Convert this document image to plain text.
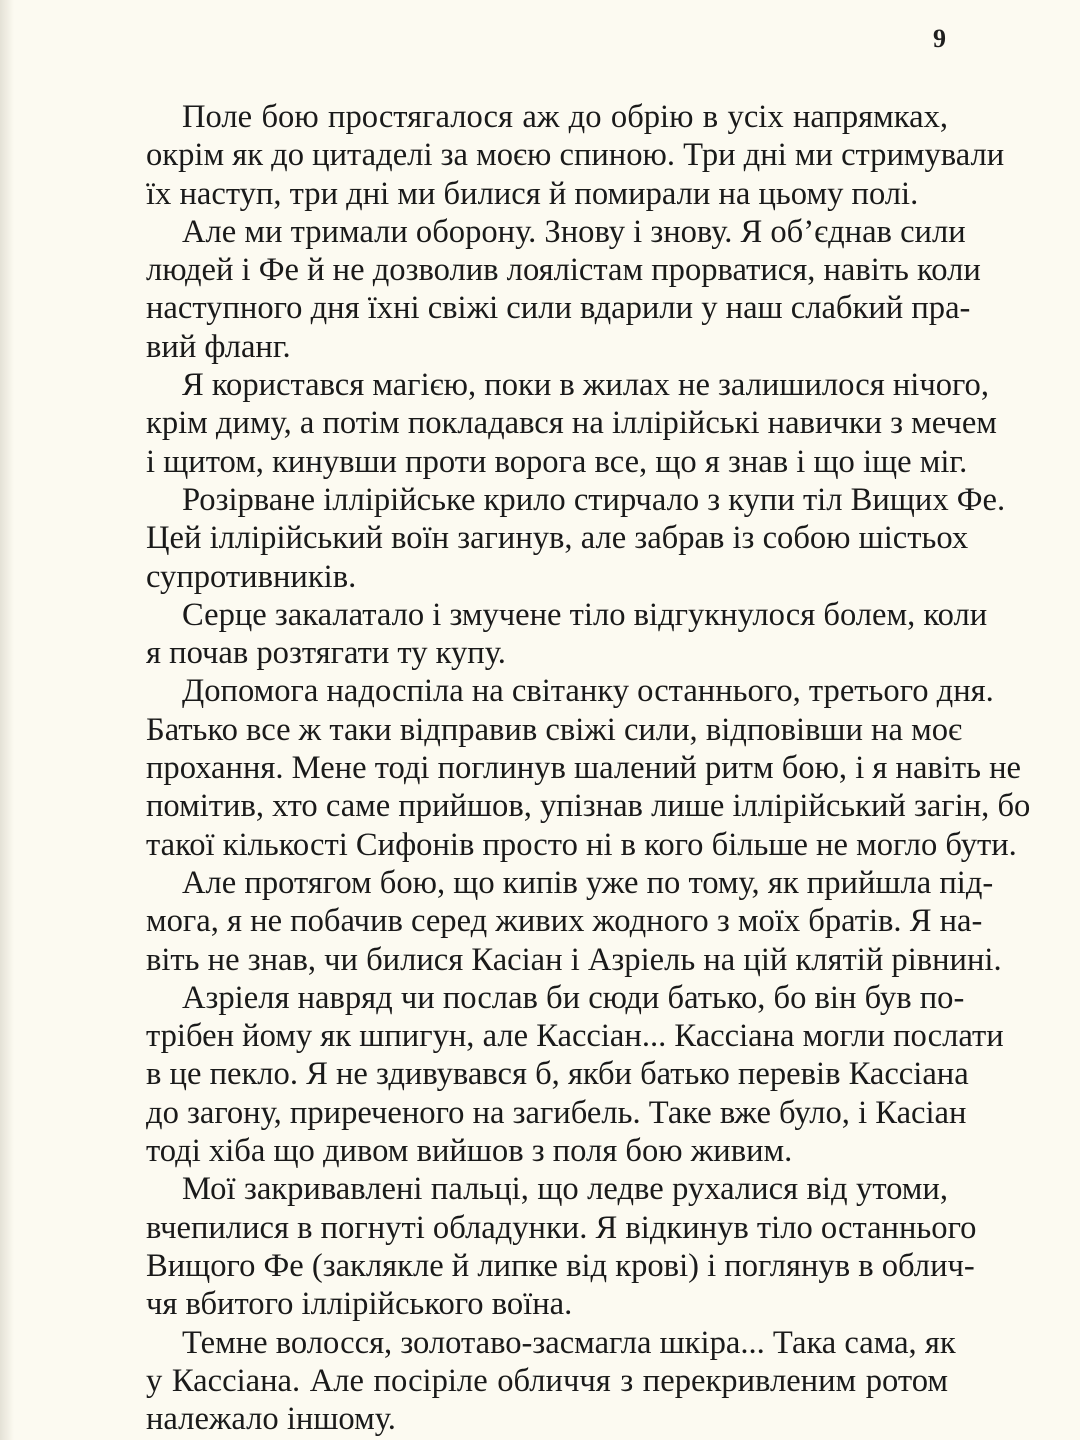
9
Поле бою простягалося аж до обрію в усіх напрямках,
окрім як до цитаделі за моєю спиною. Три дні ми стримували
їх наступ, три дні ми билися й помирали на цьому полі.
Але ми тримали оборону. Знову і знову. Я об’єднав сили
людей і Фе й не дозволив лоялістам прорватися, навіть коли
наступного дня їхні свіжі сили вдарили у наш слабкий пра-
вий фланг.
Я користався магією, поки в жилах не залишилося нічого,
крім диму, а потім покладався на іллірійські навички з мечем
і щитом, кинувши проти ворога все, що я знав і що іще міг.
Розірване іллірійське крило стирчало з купи тіл Вищих Фе.
Цей іллірійський воїн загинув, але забрав із собою шістьох
супротивників.
Серце закалатало і змучене тіло відгукнулося болем, коли
я почав розтягати ту купу.
Допомога надоспіла на світанку останнього, третього дня.
Батько все ж таки відправив свіжі сили, відповівши на моє
прохання. Мене тоді поглинув шалений ритм бою, і я навіть не
помітив, хто саме прийшов, упізнав лише іллірійський загін, бо
такої кількості Сифонів просто ні в кого більше не могло бути.
Але протягом бою, що кипів уже по тому, як прийшла під-
мога, я не побачив серед живих жодного з моїх братів. Я на-
віть не знав, чи билися Касіан і Азріель на цій клятій рівнині.
Азріеля навряд чи послав би сюди батько, бо він був по-
трібен йому як шпигун, але Кассіан... Кассіана могли послати
в це пекло. Я не здивувався б, якби батько перевів Кассіана
до загону, приреченого на загибель. Таке вже було, і Касіан
тоді хіба що дивом вийшов з поля бою живим.
Мої закривавлені пальці, що ледве рухалися від утоми,
вчепилися в погнуті обладунки. Я відкинув тіло останнього
Вищого Фе (заклякле й липке від крові) і поглянув в облич-
чя вбитого іллірійського воїна.
Темне волосся, золотаво-засмагла шкіра... Така сама, як
у Кассіана. Але посіріле обличчя з перекривленим ротом
належало іншому.
